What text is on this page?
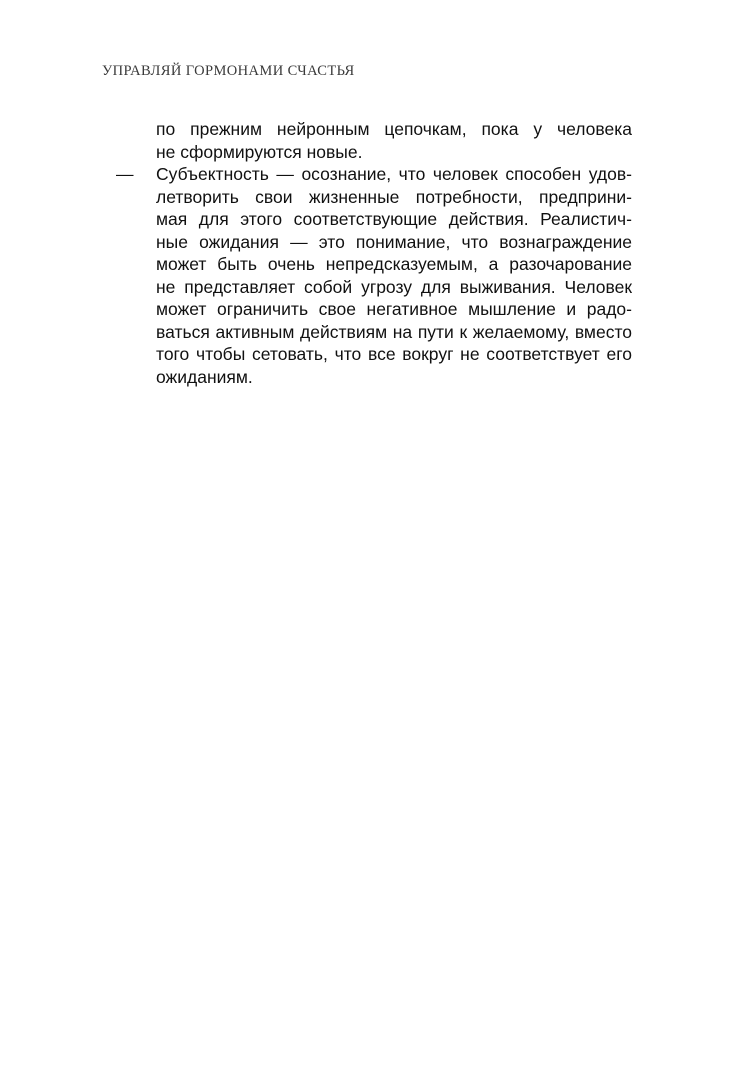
УПРАВЛЯЙ ГОРМОНАМИ СЧАСТЬЯ
по прежним нейронным цепочкам, пока у человека
не сформируются новые.
—	Субъектность — осознание, что человек способен удов-
летворить свои жизненные потребности, предприни-
мая для этого соответствующие действия. Реалистич-
ные ожидания — это понимание, что вознаграждение
может быть очень непредсказуемым, а разочарование
не представляет собой угрозу для выживания. Человек
может ограничить свое негативное мышление и радо-
ваться активным действиям на пути к желаемому, вместо
того чтобы сетовать, что все вокруг не соответствует его
ожиданиям.
